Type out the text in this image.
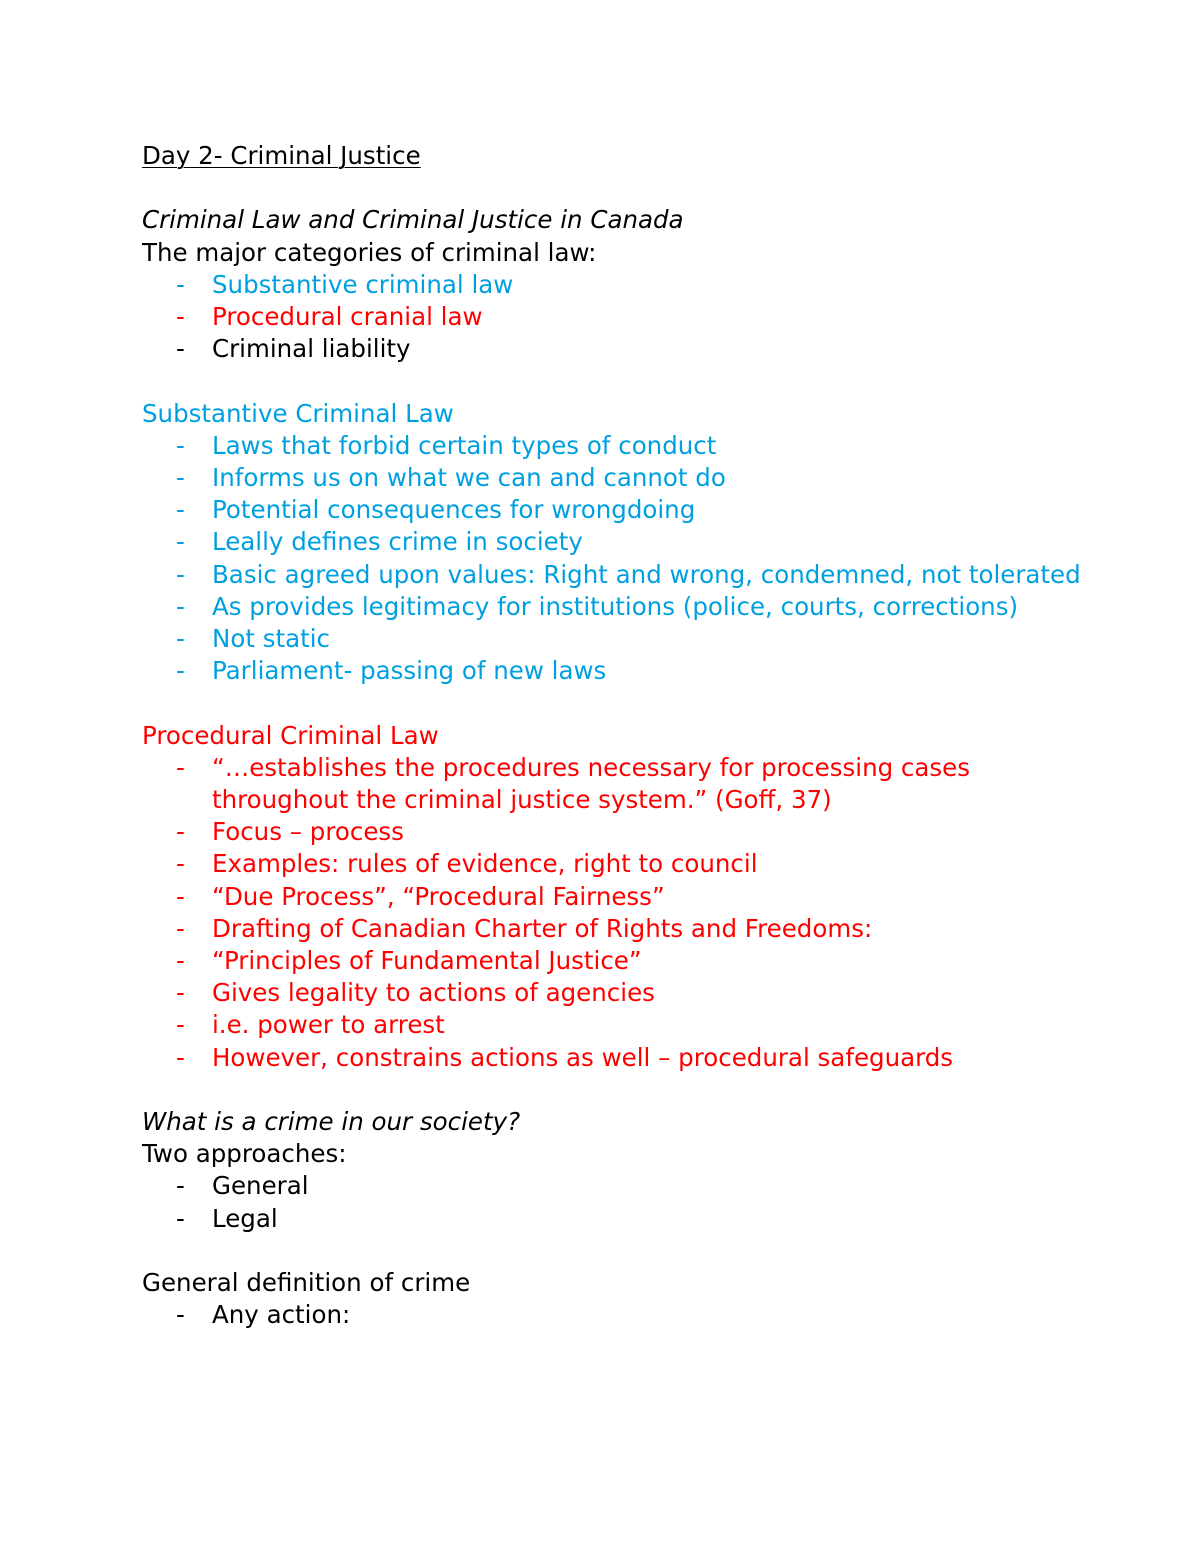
Day 2- Criminal Justice
Criminal Law and Criminal Justice in Canada
The major categories of criminal law:
- Substantive criminal law
- Procedural cranial law
- Criminal liability
Substantive Criminal Law
- Laws that forbid certain types of conduct
- Informs us on what we can and cannot do
- Potential consequences for wrongdoing
- Leally defines crime in society
- Basic agreed upon values: Right and wrong, condemned, not tolerated
- As provides legitimacy for institutions (police, courts, corrections)
- Not static
- Parliament- passing of new laws
Procedural Criminal Law
- “…establishes the procedures necessary for processing cases throughout the criminal justice system.” (Goff, 37)
- Focus – process
- Examples: rules of evidence, right to council
- “Due Process”, “Procedural Fairness”
- Drafting of Canadian Charter of Rights and Freedoms:
- “Principles of Fundamental Justice”
- Gives legality to actions of agencies
- i.e. power to arrest
- However, constrains actions as well – procedural safeguards
What is a crime in our society?
Two approaches:
- General
- Legal
General definition of crime
- Any action:
